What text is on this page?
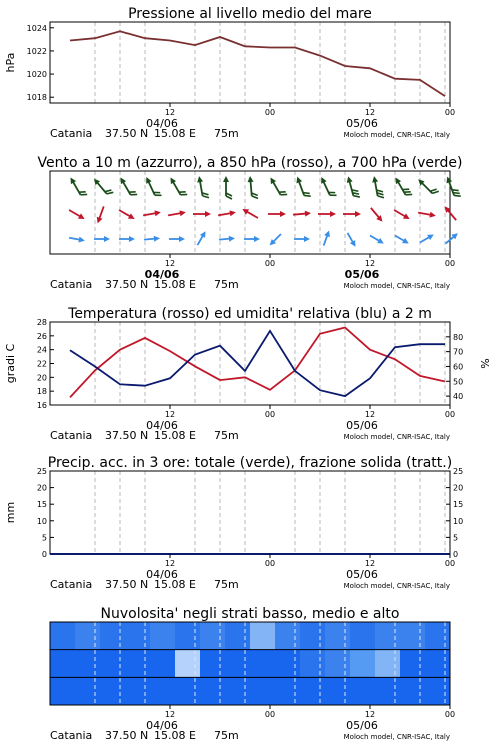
Pressione al livello medio del mare
1018
1020
1022
1024
hPa
12	00	12	00
04/06	05/06
Catania 37.50 N 15.08 E 75m	Moloch model, CNR-ISAC, Italy
Vento a 10 m (azzurro), a 850 hPa (rosso), a 700 hPa (verde)
12	00	12	00
04/06	05/06
Catania 37.50 N 15.08 E 75m	Moloch model, CNR-ISAC, Italy
Temperatura (rosso) ed umidita' relativa (blu) a 2 m
16
18
20
22
24
26
28
40
50
60
70
80
gradi C	%
12	00	12	00
04/06	05/06
Catania 37.50 N 15.08 E 75m	Moloch model, CNR-ISAC, Italy
Precip. acc. in 3 ore: totale (verde), frazione solida (tratt.)
0
5
10
15
20
25
0
5
10
15
20
25
mm
12	00	12	00
04/06	05/06
Catania 37.50 N 15.08 E 75m	Moloch model, CNR-ISAC, Italy
Nuvolosita' negli strati basso, medio e alto
12	00	12	00
04/06	05/06
Catania 37.50 N 15.08 E 75m	Moloch model, CNR-ISAC, Italy
